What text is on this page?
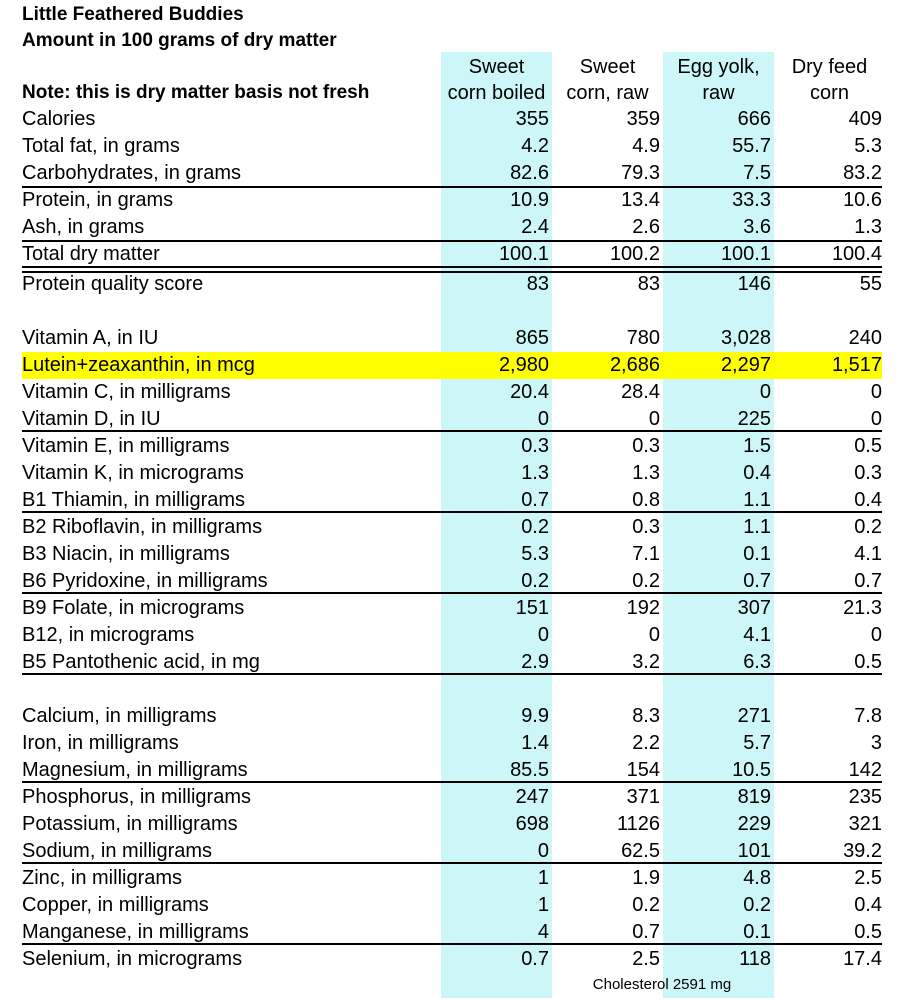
Little Feathered Buddies
Amount in 100 grams of dry matter
Note: this is dry matter basis not fresh
Sweet
corn boiled
Sweet
corn, raw
Egg yolk,
raw
Dry feed
corn
Calories	355	359	666	409
Total fat, in grams	4.2	4.9	55.7	5.3
Carbohydrates, in grams	82.6	79.3	7.5	83.2
Protein, in grams	10.9	13.4	33.3	10.6
Ash, in grams	2.4	2.6	3.6	1.3
Total dry matter	100.1	100.2	100.1	100.4
Protein quality score	83	83	146	55
Vitamin A, in IU	865	780	3,028	240
Lutein+zeaxanthin, in mcg	2,980	2,686	2,297	1,517
Vitamin C, in milligrams	20.4	28.4	0	0
Vitamin D, in IU	0	0	225	0
Vitamin E, in milligrams	0.3	0.3	1.5	0.5
Vitamin K, in micrograms	1.3	1.3	0.4	0.3
B1 Thiamin, in milligrams	0.7	0.8	1.1	0.4
B2 Riboflavin, in milligrams	0.2	0.3	1.1	0.2
B3 Niacin, in milligrams	5.3	7.1	0.1	4.1
B6 Pyridoxine, in milligrams	0.2	0.2	0.7	0.7
B9 Folate, in micrograms	151	192	307	21.3
B12, in micrograms	0	0	4.1	0
B5 Pantothenic acid, in mg	2.9	3.2	6.3	0.5
Calcium, in milligrams	9.9	8.3	271	7.8
Iron, in milligrams	1.4	2.2	5.7	3
Magnesium, in milligrams	85.5	154	10.5	142
Phosphorus, in milligrams	247	371	819	235
Potassium, in milligrams	698	1126	229	321
Sodium, in milligrams	0	62.5	101	39.2
Zinc, in milligrams	1	1.9	4.8	2.5
Copper, in milligrams	1	0.2	0.2	0.4
Manganese, in milligrams	4	0.7	0.1	0.5
Selenium, in micrograms	0.7	2.5	118	17.4
Cholesterol 2591 mg
